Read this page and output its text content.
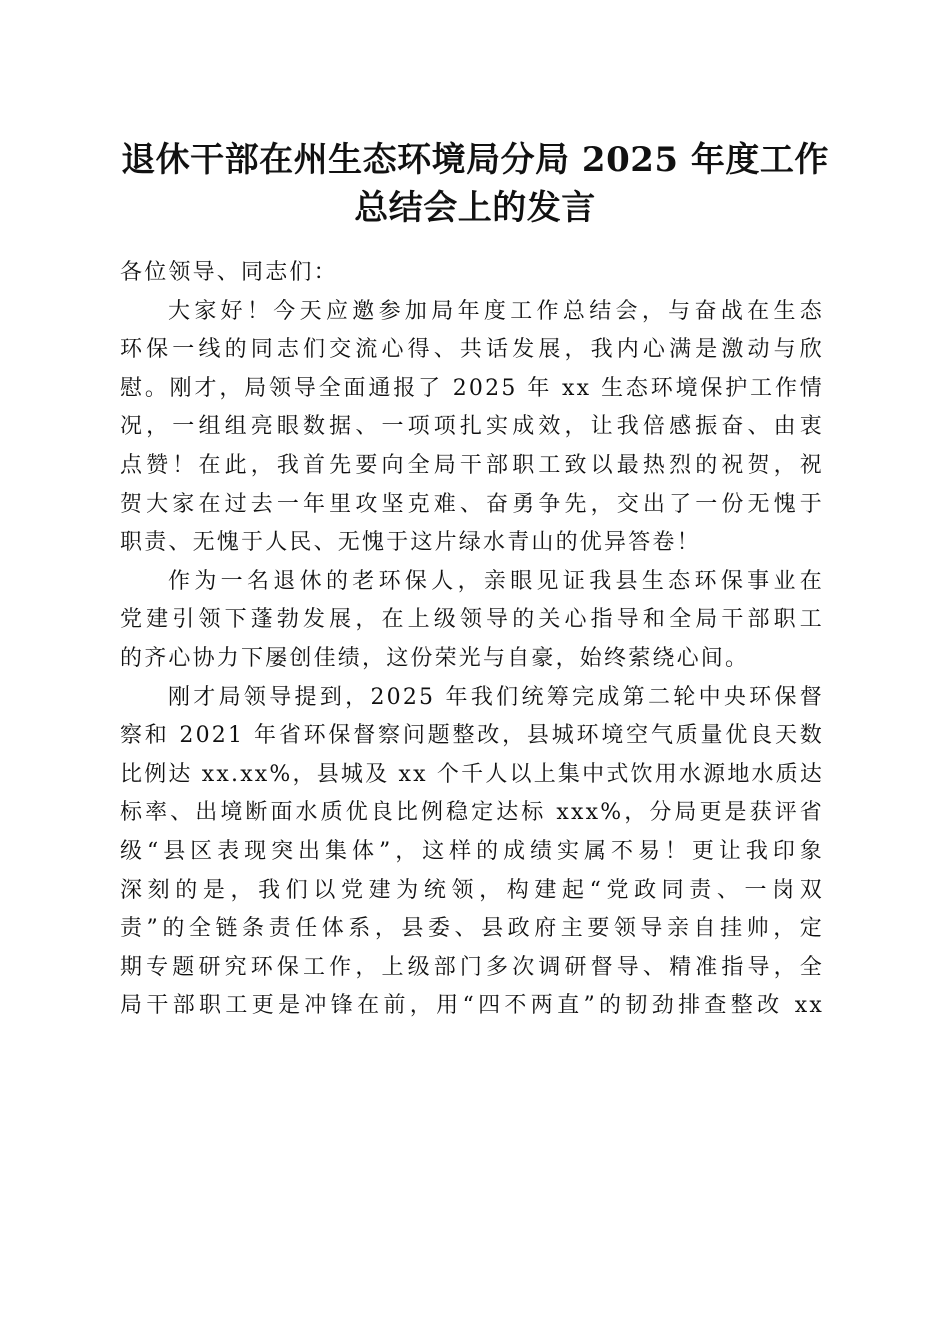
退休干部在州生态环境局分局 2025 年度工作
总结会上的发言
各位领导、同志们：
大家好！今天应邀参加局年度工作总结会，与奋战在生态
环保一线的同志们交流心得、共话发展，我内心满是激动与欣
慰。刚才，局领导全面通报了 2025 年 xx 生态环境保护工作情
况，一组组亮眼数据、一项项扎实成效，让我倍感振奋、由衷
点赞！在此，我首先要向全局干部职工致以最热烈的祝贺，祝
贺大家在过去一年里攻坚克难、奋勇争先，交出了一份无愧于
职责、无愧于人民、无愧于这片绿水青山的优异答卷！
作为一名退休的老环保人，亲眼见证我县生态环保事业在
党建引领下蓬勃发展，在上级领导的关心指导和全局干部职工
的齐心协力下屡创佳绩，这份荣光与自豪，始终萦绕心间。
刚才局领导提到，2025 年我们统筹完成第二轮中央环保督
察和 2021 年省环保督察问题整改，县城环境空气质量优良天数
比例达 xx.xx%，县城及 xx 个千人以上集中式饮用水源地水质达
标率、出境断面水质优良比例稳定达标 xxx%，分局更是获评省
级“县区表现突出集体”，这样的成绩实属不易！更让我印象
深刻的是，我们以党建为统领，构建起“党政同责、一岗双
责”的全链条责任体系，县委、县政府主要领导亲自挂帅，定
期专题研究环保工作，上级部门多次调研督导、精准指导，全
局干部职工更是冲锋在前，用“四不两直”的韧劲排查整改 xx
